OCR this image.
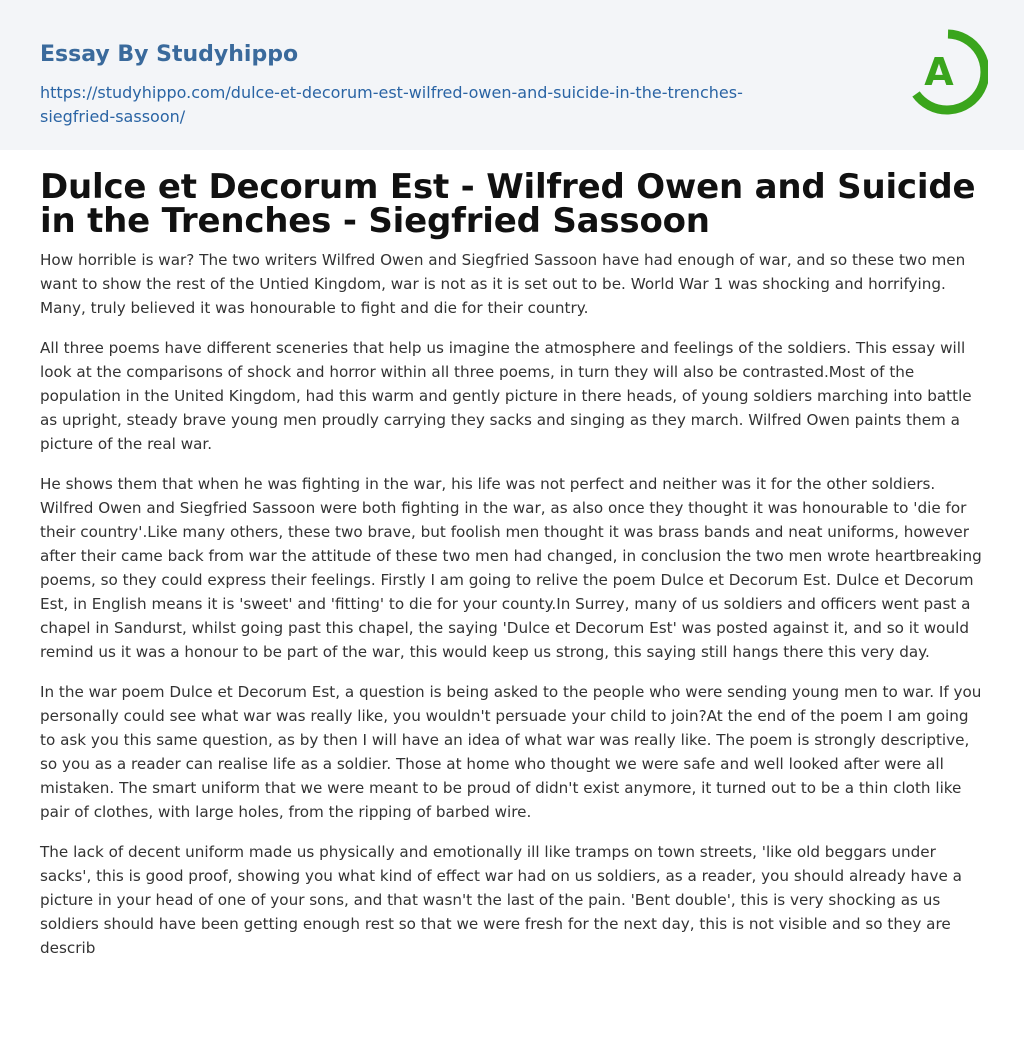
Essay By Studyhippo
https://studyhippo.com/dulce-et-decorum-est-wilfred-owen-and-suicide-in-the-trenches-
siegfried-sassoon/
A
Dulce et Decorum Est - Wilfred Owen and Suicide in the Trenches - Siegfried Sassoon

How horrible is war? The two writers Wilfred Owen and Siegfried Sassoon have had enough of war, and so these two men want to show the rest of the Untied Kingdom, war is not as it is set out to be. World War 1 was shocking and horrifying. Many, truly believed it was honourable to fight and die for their country.

All three poems have different sceneries that help us imagine the atmosphere and feelings of the soldiers. This essay will look at the comparisons of shock and horror within all three poems, in turn they will also be contrasted.Most of the population in the United Kingdom, had this warm and gently picture in there heads, of young soldiers marching into battle as upright, steady brave young men proudly carrying they sacks and singing as they march. Wilfred Owen paints them a picture of the real war.

He shows them that when he was fighting in the war, his life was not perfect and neither was it for the other soldiers. Wilfred Owen and Siegfried Sassoon were both fighting in the war, as also once they thought it was honourable to 'die for their country'.Like many others, these two brave, but foolish men thought it was brass bands and neat uniforms, however after their came back from war the attitude of these two men had changed, in conclusion the two men wrote heartbreaking poems, so they could express their feelings. Firstly I am going to relive the poem Dulce et Decorum Est. Dulce et Decorum Est, in English means it is 'sweet' and 'fitting' to die for your county.In Surrey, many of us soldiers and officers went past a chapel in Sandurst, whilst going past this chapel, the saying 'Dulce et Decorum Est' was posted against it, and so it would remind us it was a honour to be part of the war, this would keep us strong, this saying still hangs there this very day.

In the war poem Dulce et Decorum Est, a question is being asked to the people who were sending young men to war. If you personally could see what war was really like, you wouldn't persuade your child to join?At the end of the poem I am going to ask you this same question, as by then I will have an idea of what war was really like. The poem is strongly descriptive, so you as a reader can realise life as a soldier. Those at home who thought we were safe and well looked after were all mistaken. The smart uniform that we were meant to be proud of didn't exist anymore, it turned out to be a thin cloth like pair of clothes, with large holes, from the ripping of barbed wire.

The lack of decent uniform made us physically and emotionally ill like tramps on town streets, 'like old beggars under sacks', this is good proof, showing you what kind of effect war had on us soldiers, as a reader, you should already have a picture in your head of one of your sons, and that wasn't the last of the pain. 'Bent double', this is very shocking as us soldiers should have been getting enough rest so that we were fresh for the next day, this is not visible and so they are describ
